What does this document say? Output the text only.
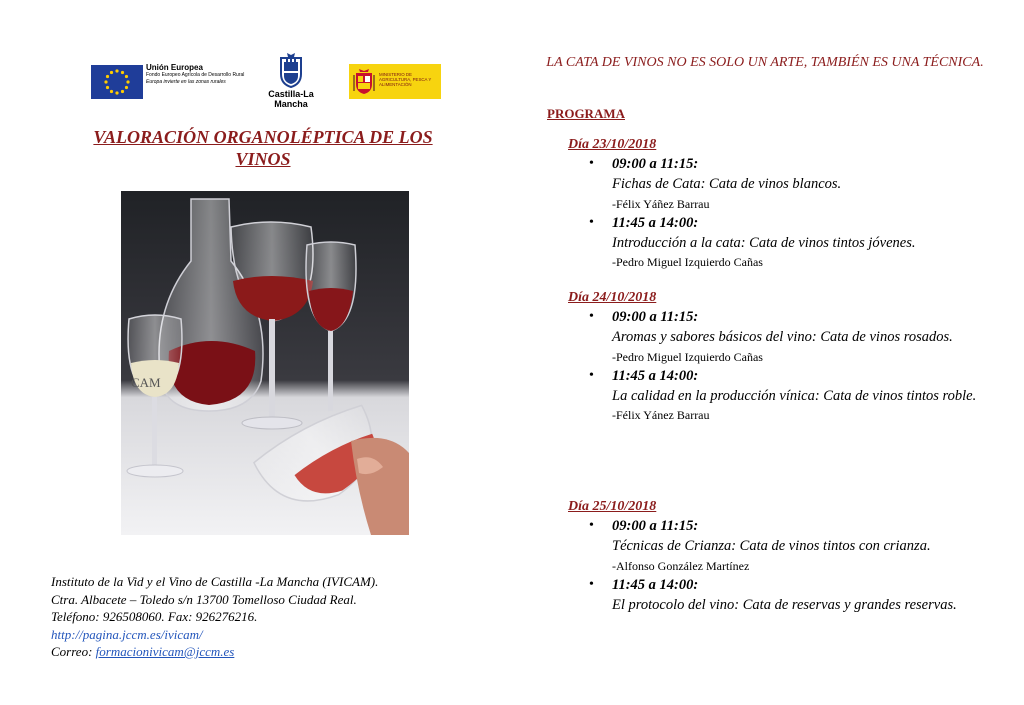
Unión Europea
Fondo Europeo Agrícola de Desarrollo Rural
Europa invierte en las zonas rurales
Castilla-La Mancha
MINISTERIO DE AGRICULTURA, PESCA Y ALIMENTACIÓN
VALORACIÓN ORGANOLÉPTICA DE LOS VINOS
CAM
Instituto de la Vid y el Vino de Castilla -La Mancha (IVICAM).
Ctra. Albacete – Toledo s/n 13700 Tomelloso Ciudad Real.
Teléfono: 926508060. Fax: 926276216.
http://pagina.jccm.es/ivicam/
Correo: formacionivicam@jccm.es
LA CATA DE VINOS NO ES SOLO UN ARTE, TAMBIÉN ES UNA TÉCNICA.
PROGRAMA
Día 23/10/2018
• 09:00 a 11:15:
Fichas de Cata: Cata de vinos blancos.
-Félix Yáñez Barrau
• 11:45 a 14:00:
Introducción a la cata: Cata de vinos tintos jóvenes.
-Pedro Miguel Izquierdo Cañas
Día 24/10/2018
• 09:00 a 11:15:
Aromas y sabores básicos del vino: Cata de vinos rosados.
-Pedro Miguel Izquierdo Cañas
• 11:45 a 14:00:
La calidad en la producción vínica: Cata de vinos tintos roble.
-Félix Yánez Barrau
Día 25/10/2018
• 09:00 a 11:15:
Técnicas de Crianza: Cata de vinos tintos con crianza.
-Alfonso González Martínez
• 11:45 a 14:00:
El protocolo del vino: Cata de reservas y grandes reservas.
